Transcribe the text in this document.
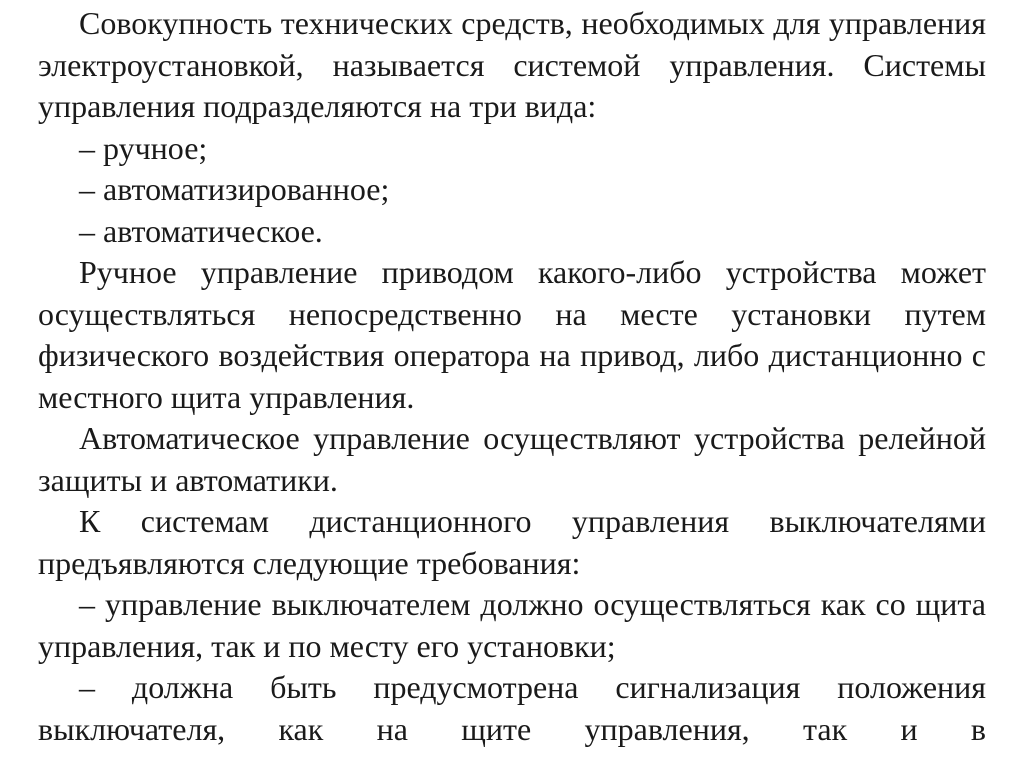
Совокупность технических средств, необходимых для управления электроустановкой, называется системой управления. Системы управления подразделяются на три вида:

– ручное;

– автоматизированное;

– автоматическое.

Ручное управление приводом какого-либо устройства может осуществляться непосредственно на месте установки путем физического воздействия оператора на привод, либо дистанционно с местного щита управления.

Автоматическое управление осуществляют устройства релейной защиты и автоматики.

К системам дистанционного управления выключателями предъявляются следующие требования:

– управление выключателем должно осуществляться как со щита управления, так и по месту его установки;

– должна быть предусмотрена сигнализация положения выключателя, как на щите управления, так и в
